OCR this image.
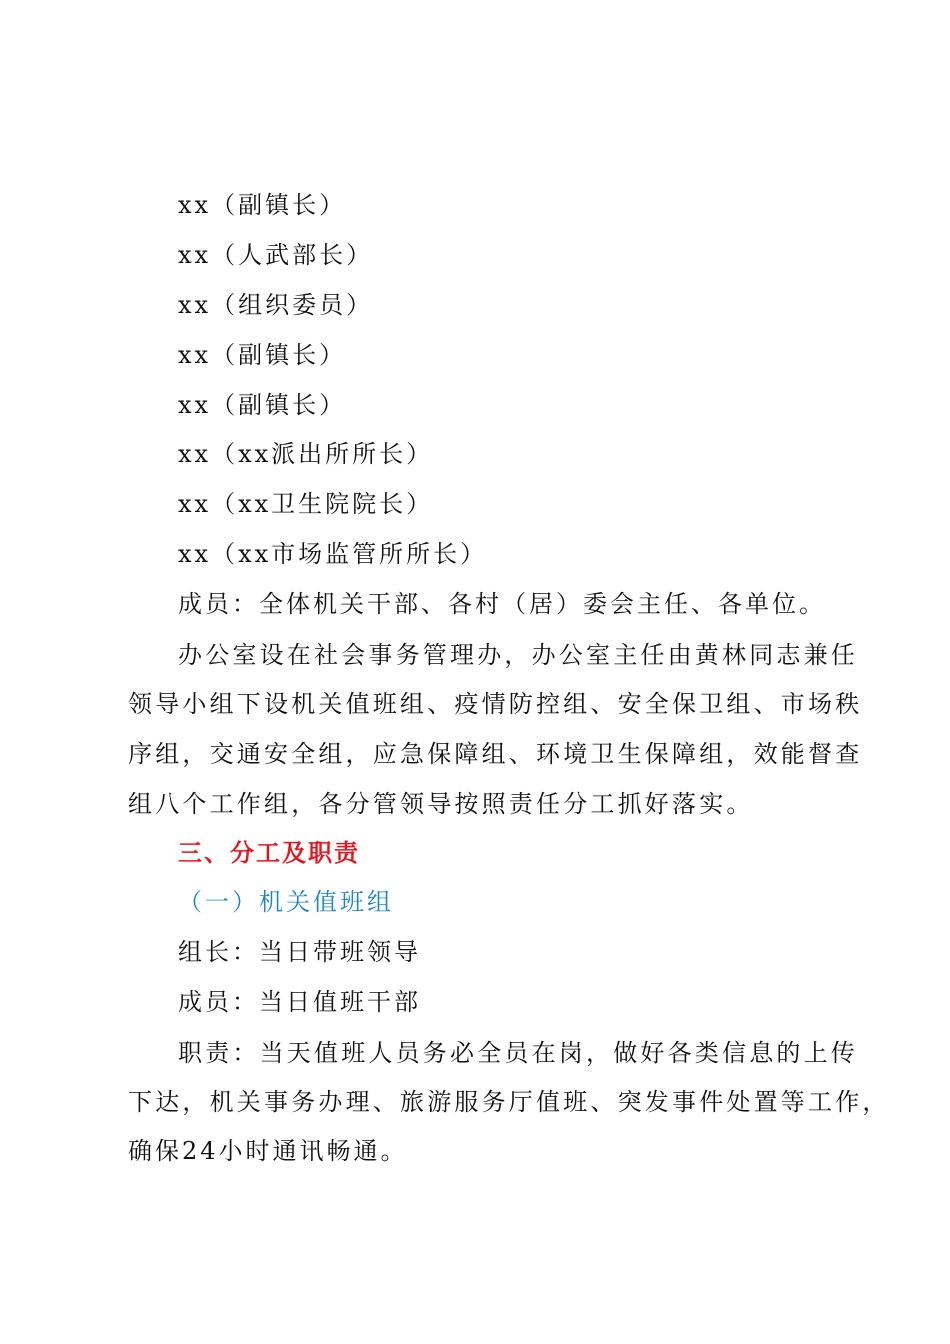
xx（副镇长）
xx（人武部长）
xx（组织委员）
xx（副镇长）
xx（副镇长）
xx（xx派出所所长）
xx（xx卫生院院长）
xx（xx市场监管所所长）
成员：全体机关干部、各村（居）委会主任、各单位。
办公室设在社会事务管理办，办公室主任由黄林同志兼任
领导小组下设机关值班组、疫情防控组、安全保卫组、市场秩
序组，交通安全组，应急保障组、环境卫生保障组，效能督查
组八个工作组，各分管领导按照责任分工抓好落实。
三、分工及职责
（一）机关值班组
组长：当日带班领导
成员：当日值班干部
职责：当天值班人员务必全员在岗，做好各类信息的上传
下达，机关事务办理、旅游服务厅值班、突发事件处置等工作，
确保24小时通讯畅通。
